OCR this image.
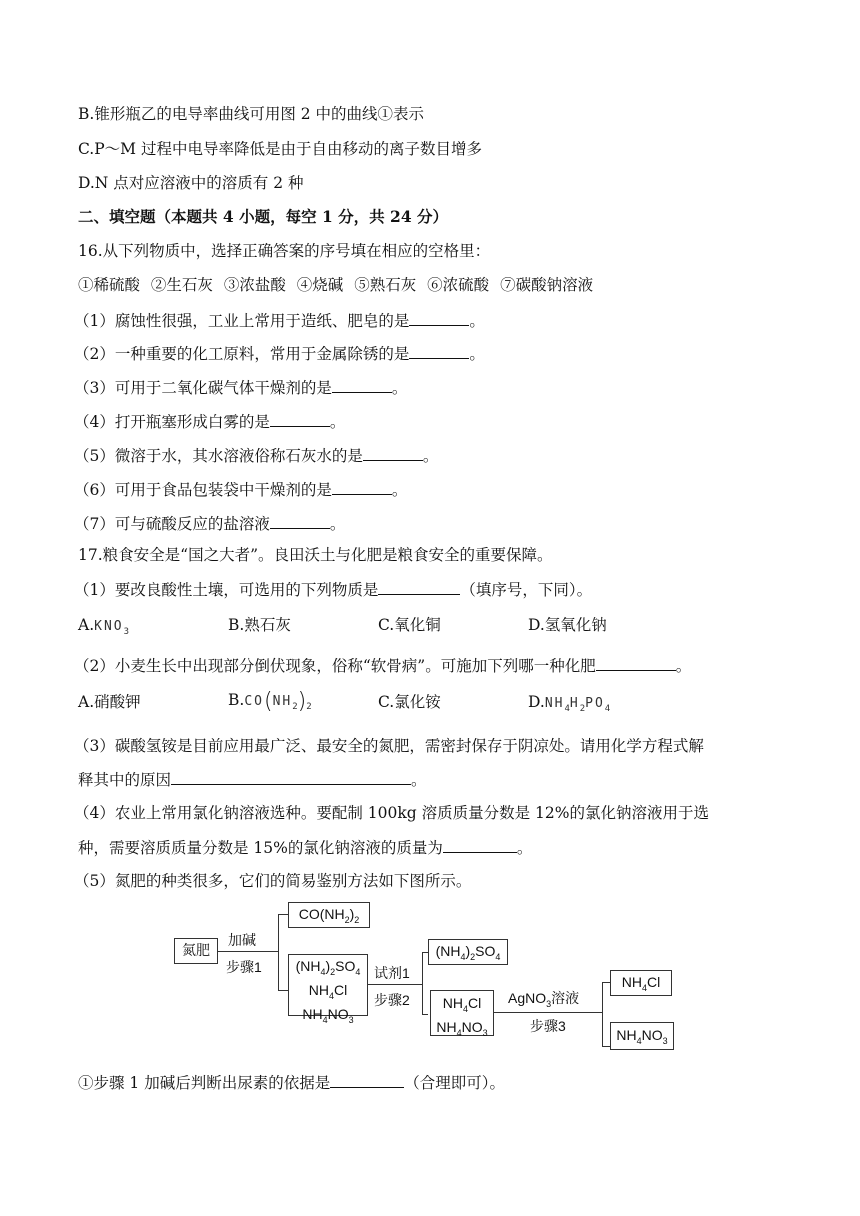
B.锥形瓶乙的电导率曲线可用图 2 中的曲线①表示
C.P～M 过程中电导率降低是由于自由移动的离子数目增多
D.N 点对应溶液中的溶质有 2 种
二、填空题（本题共 4 小题，每空 1 分，共 24 分）
16.从下列物质中，选择正确答案的序号填在相应的空格里：
①稀硫酸 ②生石灰 ③浓盐酸 ④烧碱 ⑤熟石灰 ⑥浓硫酸 ⑦碳酸钠溶液
（1）腐蚀性很强，工业上常用于造纸、肥皂的是	。
（2）一种重要的化工原料，常用于金属除锈的是	。
（3）可用于二氧化碳气体干燥剂的是	。
（4）打开瓶塞形成白雾的是	。
（5）微溶于水，其水溶液俗称石灰水的是	。
（6）可用于食品包装袋中干燥剂的是	。
（7）可与硫酸反应的盐溶液	。
17.粮食安全是“国之大者”。良田沃土与化肥是粮食安全的重要保障。
（1）要改良酸性土壤，可选用的下列物质是	（填序号，下同）。
$A.KNO_3$	B.熟石灰	C.氧化铜	D.氢氧化钠
（2）小麦生长中出现部分倒伏现象，俗称“软骨病”。可施加下列哪一种化肥	。
A.硝酸钾	$B.CO(NH_2)_2$	C.氯化铵	$D.NH_4H_2PO_4$
（3）碳酸氢铵是目前应用最广泛、最安全的氮肥，需密封保存于阴凉处。请用化学方程式解
释其中的原因	。
（4）农业上常用氯化钠溶液选种。要配制 100kg 溶质质量分数是 12%的氯化钠溶液用于选
种，需要溶质质量分数是 15%的氯化钠溶液的质量为	。
（5）氮肥的种类很多，它们的简易鉴别方法如下图所示。
氮肥
加碱
步骤1
$CO(NH_2)_2$
$(NH_4)_2SO_4$
$NH_4Cl$
$NH_4NO_3$
试剂1
步骤2
$(NH_4)_2SO_4$
$NH_4Cl$
$NH_4NO_3$
AgNO$_3$溶液
步骤3
$NH_4Cl$
$NH_4NO_3$
①步骤 1 加碱后判断出尿素的依据是	（合理即可）。
